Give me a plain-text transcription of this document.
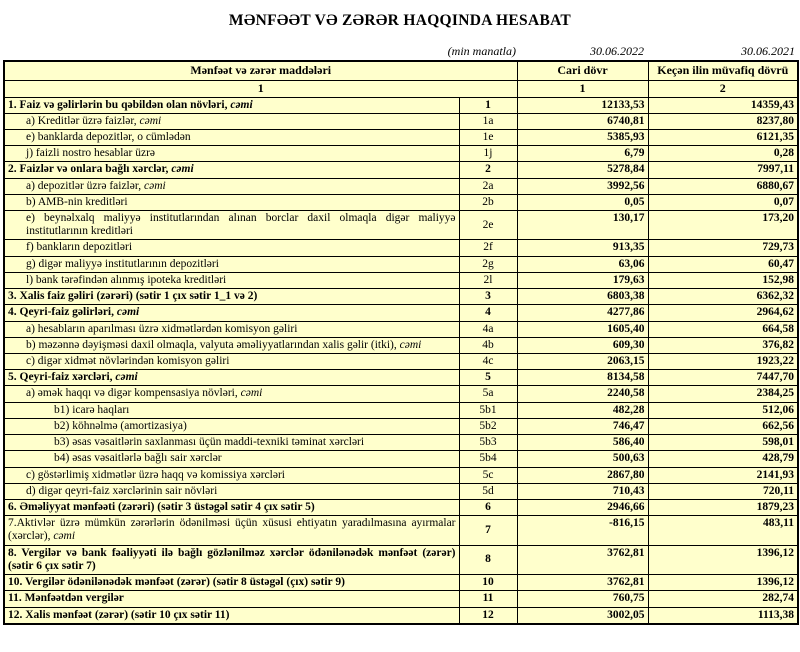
MƏNFƏƏT VƏ ZƏRƏR HAQQINDA HESABAT
(min manatla)	30.06.2022	30.06.2021
Mənfəət və zərər maddələri		Cari dövr	Keçən ilin müvafiq dövrü
1		1	2
1. Faiz və gəlirlərin bu qəbildən olan növləri, cəmi	1	12133,53	14359,43
a) Kreditlər üzrə faizlər, cəmi	1a	6740,81	8237,80
e) banklarda depozitlər, o cümlədən	1e	5385,93	6121,35
j) faizli nostro hesablar üzrə	1j	6,79	0,28
2. Faizlər və onlara bağlı xərclər, cəmi	2	5278,84	7997,11
a) depozitlər üzrə faizlər, cəmi	2a	3992,56	6880,67
b) AMB-nin kreditləri	2b	0,05	0,07
e) beynəlxalq maliyyə institutlarından alınan borclar daxil olmaqla digər maliyyə institutlarının kreditləri	2e	130,17	173,20
f) bankların depozitləri	2f	913,35	729,73
g) digər maliyyə institutlarının depozitləri	2g	63,06	60,47
l) bank tərəfindən alınmış ipoteka kreditləri	2l	179,63	152,98
3. Xalis faiz gəliri (zərəri) (sətir 1 çıx sətir 1_1 və 2)	3	6803,38	6362,32
4. Qeyri-faiz gəlirləri, cəmi	4	4277,86	2964,62
a) hesabların aparılması üzrə xidmətlərdən komisyon gəliri	4a	1605,40	664,58
b) məzənnə dəyişməsi daxil olmaqla, valyuta əməliyyatlarından xalis gəlir (itki), cəmi	4b	609,30	376,82
c) digər xidmət növlərindən komisyon gəliri	4c	2063,15	1923,22
5. Qeyri-faiz xərcləri, cəmi	5	8134,58	7447,70
a) əmək haqqı və digər kompensasiya növləri, cəmi	5a	2240,58	2384,25
b1) icarə haqları	5b1	482,28	512,06
b2) köhnəlmə (amortizasiya)	5b2	746,47	662,56
b3) əsas vəsaitlərin saxlanması üçün maddi-texniki təminat xərcləri	5b3	586,40	598,01
b4) əsas vəsaitlərlə bağlı sair xərclər	5b4	500,63	428,79
c) göstərlimiş xidmətlər üzrə haqq və komissiya xərcləri	5c	2867,80	2141,93
d) digər qeyri-faiz xərclərinin sair növləri	5d	710,43	720,11
6. Əməliyyat mənfəəti (zərəri) (sətir 3 üstəgəl sətir 4 çıx sətir 5)	6	2946,66	1879,23
7.Aktivlər üzrə mümkün zərərlərin ödənilməsi üçün xüsusi ehtiyatın yaradılmasına ayırmalar (xərclər), cəmi	7	-816,15	483,11
8. Vergilər və bank fəaliyyəti ilə bağlı gözlənilməz xərclər ödənilənədək mənfəət (zərər) (sətir 6 çıx sətir 7)	8	3762,81	1396,12
10. Vergilər ödənilənədək mənfəət (zərər) (sətir 8 üstəgəl (çıx) sətir 9)	10	3762,81	1396,12
11. Mənfəətdən vergilər	11	760,75	282,74
12. Xalis mənfəət (zərər) (sətir 10 çıx sətir 11)	12	3002,05	1113,38
